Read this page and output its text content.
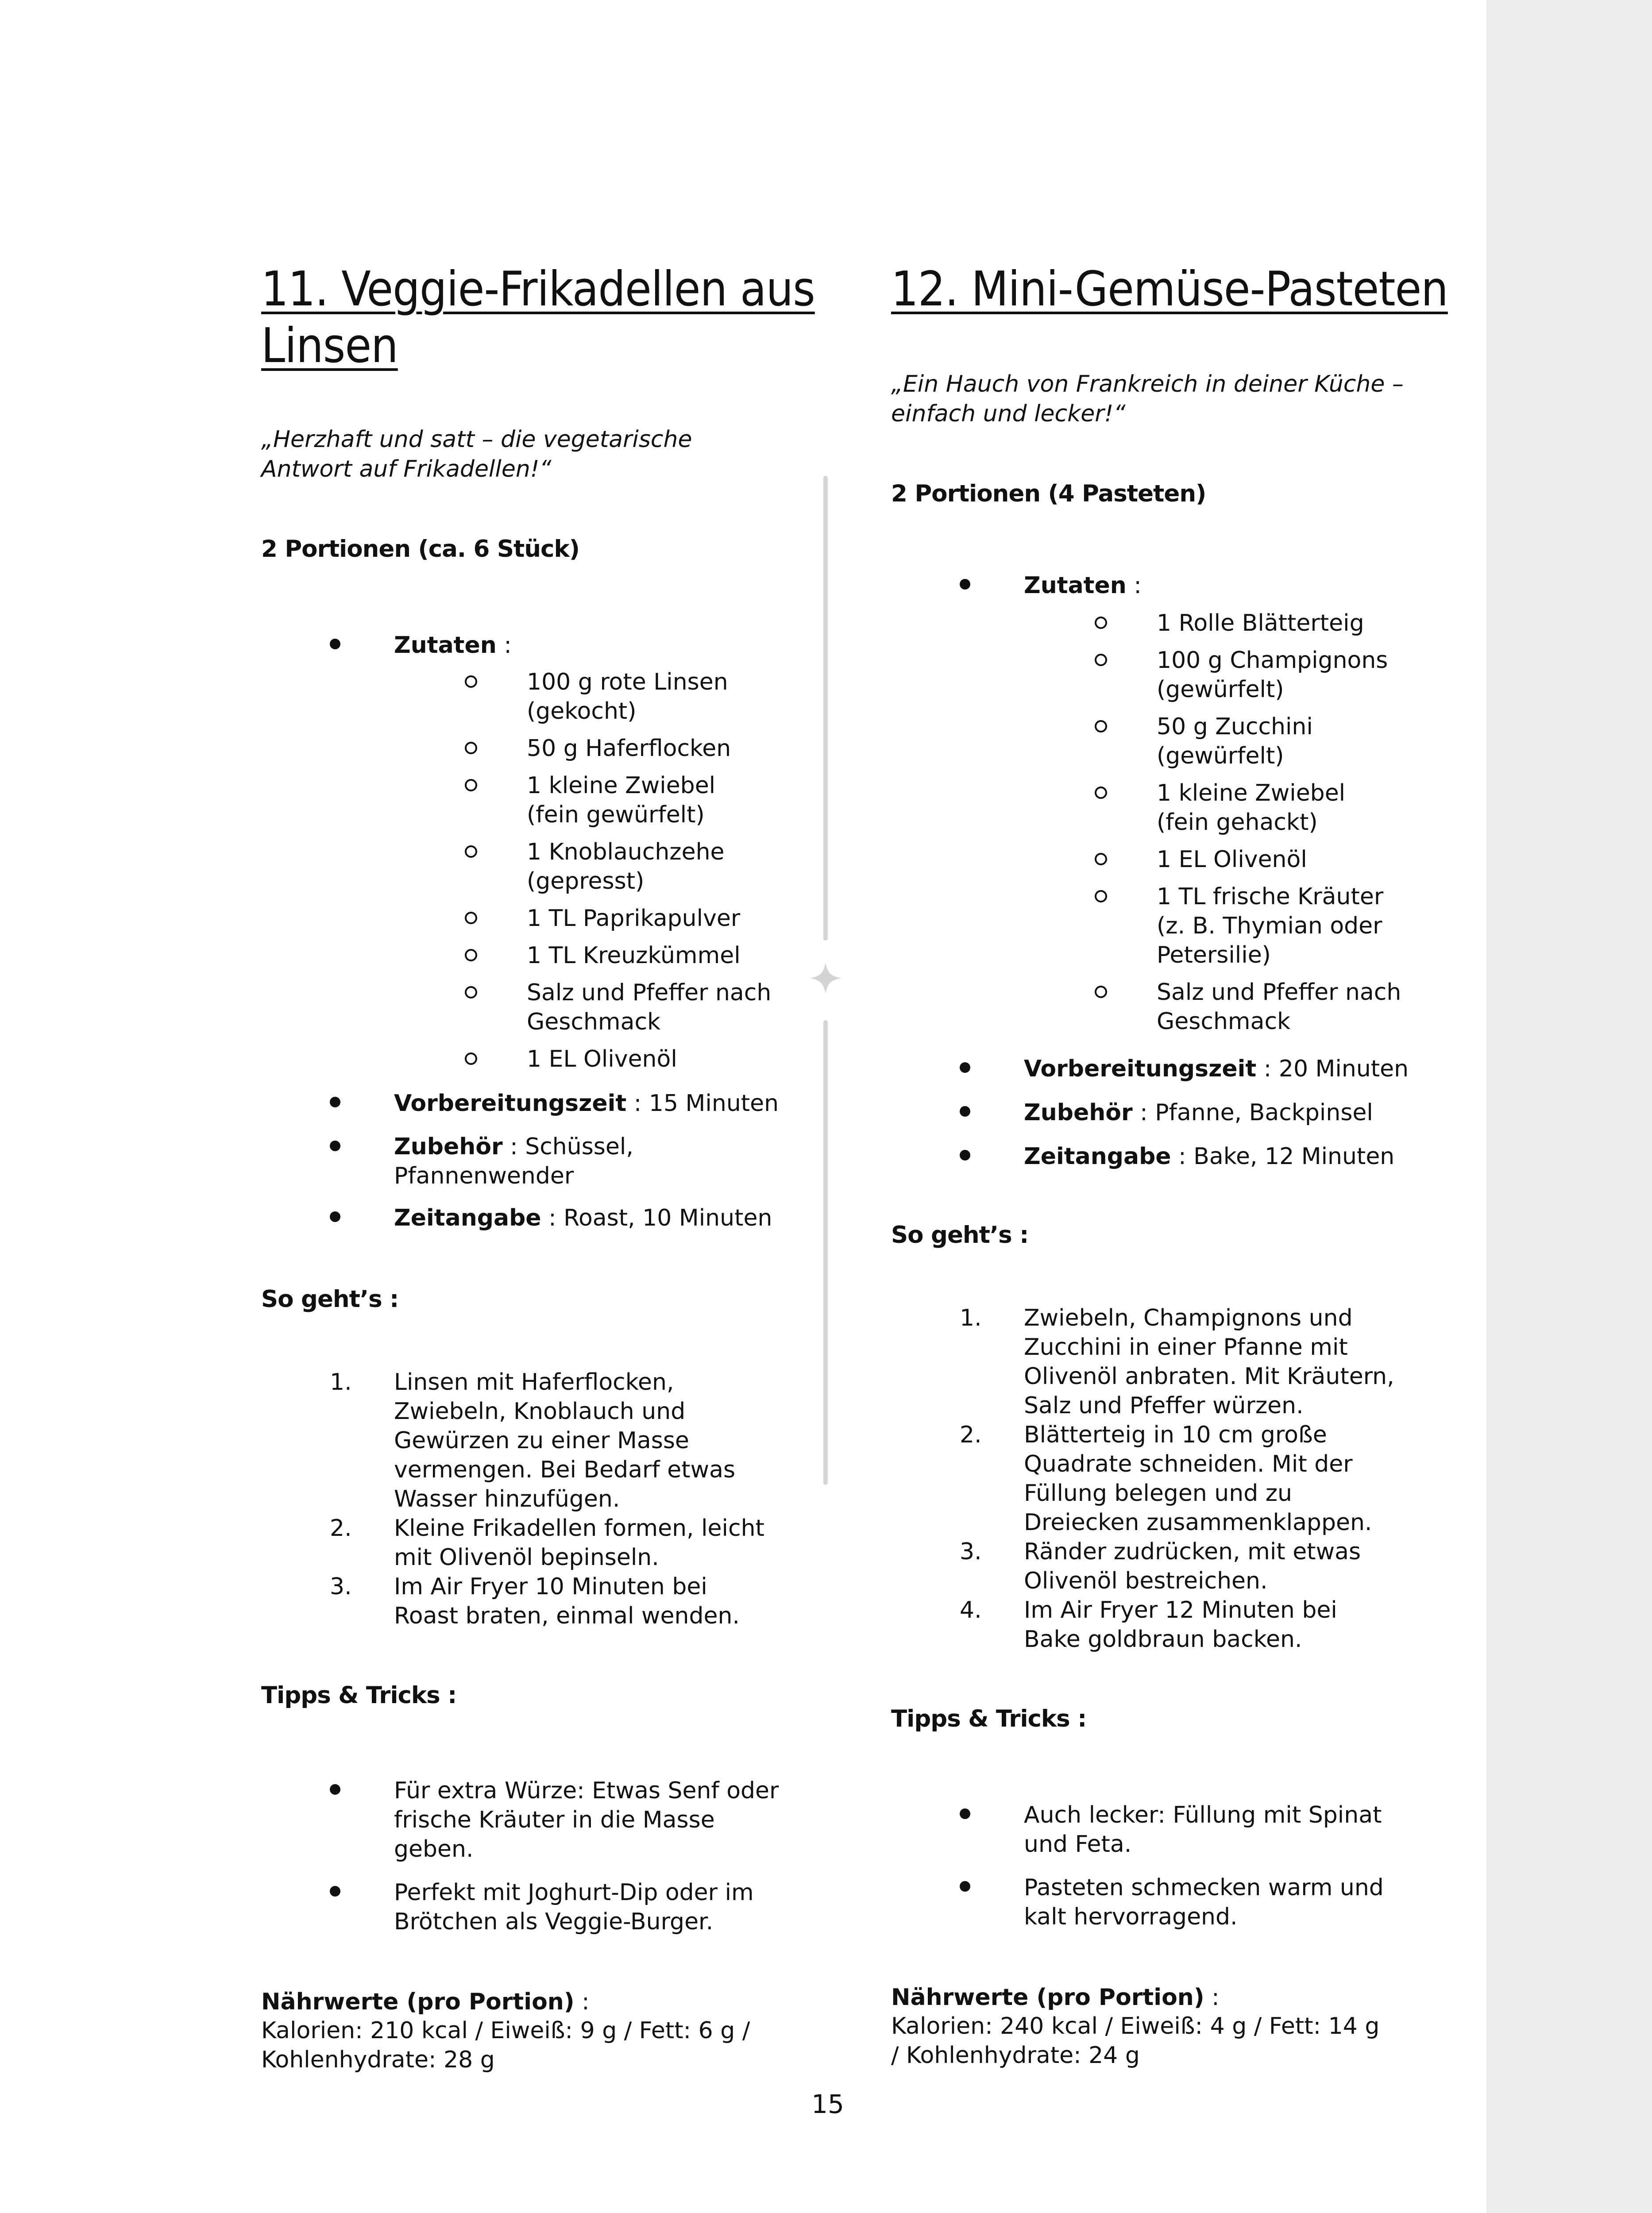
11. Veggie-Frikadellen aus
Linsen
„Herzhaft und satt – die vegetarische
Antwort auf Frikadellen!“
2 Portionen (ca. 6 Stück)
Zutaten :
100 g rote Linsen
(gekocht)
50 g Haferflocken
1 kleine Zwiebel
(fein gewürfelt)
1 Knoblauchzehe
(gepresst)
1 TL Paprikapulver
1 TL Kreuzkümmel
Salz und Pfeffer nach
Geschmack
1 EL Olivenöl
Vorbereitungszeit : 15 Minuten
Zubehör : Schüssel,
Pfannenwender
Zeitangabe : Roast, 10 Minuten
So geht’s :
1. Linsen mit Haferflocken,
Zwiebeln, Knoblauch und
Gewürzen zu einer Masse
vermengen. Bei Bedarf etwas
Wasser hinzufügen.
2. Kleine Frikadellen formen, leicht
mit Olivenöl bepinseln.
3. Im Air Fryer 10 Minuten bei
Roast braten, einmal wenden.
Tipps & Tricks :
Für extra Würze: Etwas Senf oder
frische Kräuter in die Masse
geben.
Perfekt mit Joghurt-Dip oder im
Brötchen als Veggie-Burger.
Nährwerte (pro Portion) :
Kalorien: 210 kcal / Eiweiß: 9 g / Fett: 6 g /
Kohlenhydrate: 28 g
12. Mini-Gemüse-Pasteten
„Ein Hauch von Frankreich in deiner Küche –
einfach und lecker!“
2 Portionen (4 Pasteten)
Zutaten :
1 Rolle Blätterteig
100 g Champignons
(gewürfelt)
50 g Zucchini
(gewürfelt)
1 kleine Zwiebel
(fein gehackt)
1 EL Olivenöl
1 TL frische Kräuter
(z. B. Thymian oder
Petersilie)
Salz und Pfeffer nach
Geschmack
Vorbereitungszeit : 20 Minuten
Zubehör : Pfanne, Backpinsel
Zeitangabe : Bake, 12 Minuten
So geht’s :
1. Zwiebeln, Champignons und
Zucchini in einer Pfanne mit
Olivenöl anbraten. Mit Kräutern,
Salz und Pfeffer würzen.
2. Blätterteig in 10 cm große
Quadrate schneiden. Mit der
Füllung belegen und zu
Dreiecken zusammenklappen.
3. Ränder zudrücken, mit etwas
Olivenöl bestreichen.
4. Im Air Fryer 12 Minuten bei
Bake goldbraun backen.
Tipps & Tricks :
Auch lecker: Füllung mit Spinat
und Feta.
Pasteten schmecken warm und
kalt hervorragend.
Nährwerte (pro Portion) :
Kalorien: 240 kcal / Eiweiß: 4 g / Fett: 14 g
/ Kohlenhydrate: 24 g
15
